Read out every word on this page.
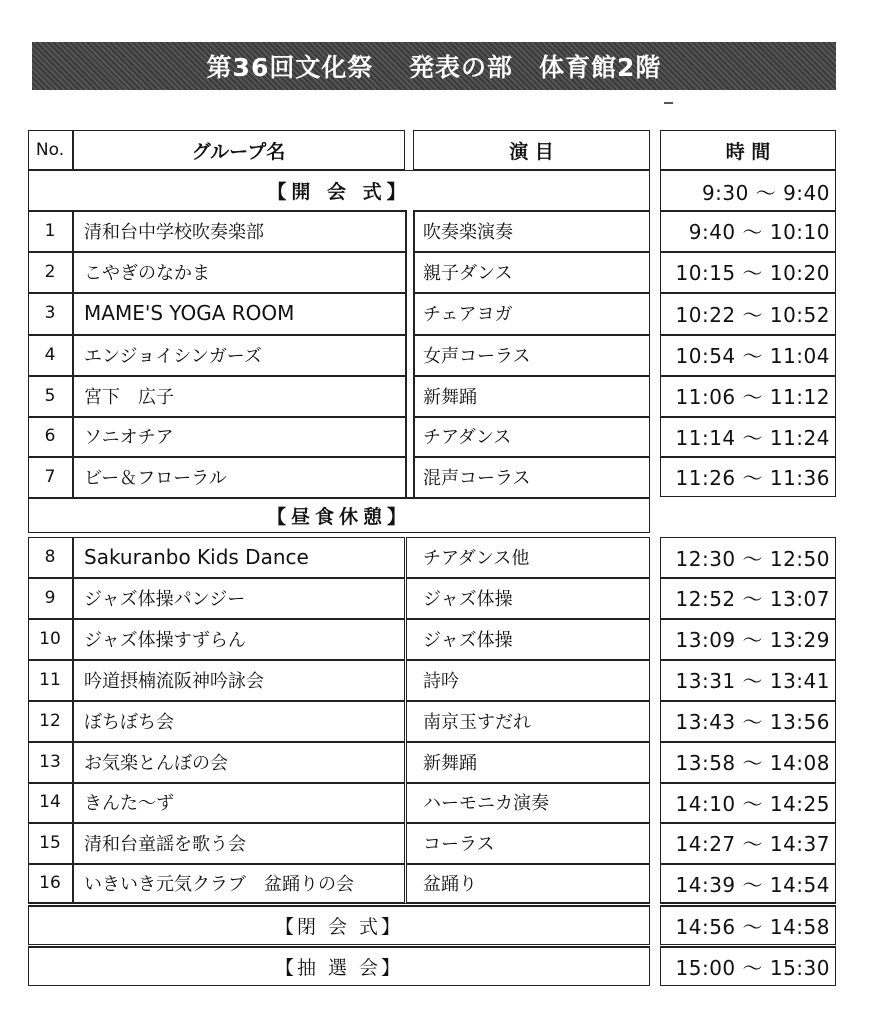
第36回文化祭　 発表の部　体育館2階
No.	グループ名	演 目	時 間
【開 会 式】	9:30 ～ 9:40
1	清和台中学校吹奏楽部	吹奏楽演奏	9:40 ～ 10:10
2	こやぎのなかま	親子ダンス	10:15 ～ 10:20
3	MAME'S YOGA ROOM	チェアヨガ	10:22 ～ 10:52
4	エンジョイシンガーズ	女声コーラス	10:54 ～ 11:04
5	宮下　広子	新舞踊	11:06 ～ 11:12
6	ソニオチア	チアダンス	11:14 ～ 11:24
7	ビー＆フローラル	混声コーラス	11:26 ～ 11:36
【昼食休憩】
8	Sakuranbo Kids Dance	チアダンス他	12:30 ～ 12:50
9	ジャズ体操パンジー	ジャズ体操	12:52 ～ 13:07
10	ジャズ体操すずらん	ジャズ体操	13:09 ～ 13:29
11	吟道摂楠流阪神吟詠会	詩吟	13:31 ～ 13:41
12	ぼちぼち会	南京玉すだれ	13:43 ～ 13:56
13	お気楽とんぼの会	新舞踊	13:58 ～ 14:08
14	きんた～ず	ハーモニカ演奏	14:10 ～ 14:25
15	清和台童謡を歌う会	コーラス	14:27 ～ 14:37
16	いきいき元気クラブ　盆踊りの会	盆踊り	14:39 ～ 14:54
【閉 会 式】	14:56 ～ 14:58
【抽 選 会】	15:00 ～ 15:30
